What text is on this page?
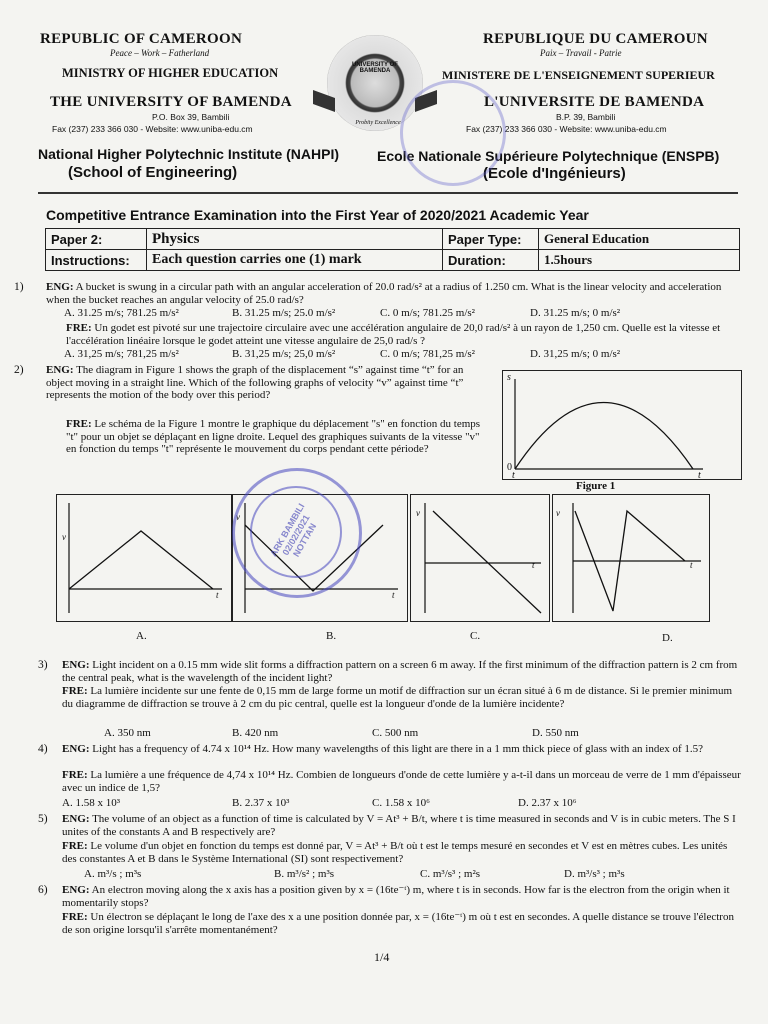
REPUBLIC OF CAMEROON
Peace – Work – Fatherland
MINISTRY OF HIGHER EDUCATION
THE UNIVERSITY OF BAMENDA
P.O. Box 39, Bambili
Fax (237) 233 366 030 - Website: www.uniba-edu.cm
National Higher Polytechnic Institute (NAHPI)
(School of Engineering)
REPUBLIQUE DU CAMEROUN
Paix – Travail - Patrie
MINISTERE DE L'ENSEIGNEMENT SUPERIEUR
L'UNIVERSITE DE BAMENDA
B.P. 39, Bambili
Fax (237) 233 366 030 - Website: www.uniba-edu.cm
Ecole Nationale Supérieure Polytechnique (ENSPB)
(Ecole d'Ingénieurs)
UNIVERSITY OF BAMENDA
Probity Excellence
Competitive Entrance Examination into the First Year of 2020/2021 Academic Year
Paper 2:	Physics	Paper Type:	General Education
Instructions:	Each question carries one (1) mark	Duration:	1.5hours
1) ENG: A bucket is swung in a circular path with an angular acceleration of 20.0 rad/s² at a radius of 1.250 cm. What is the linear velocity and acceleration when the bucket reaches an angular velocity of 25.0 rad/s?
A. 31.25 m/s; 781.25 m/s²	B. 31.25 m/s; 25.0 m/s²	C. 0 m/s; 781.25 m/s²	D. 31.25 m/s; 0 m/s²
FRE: Un godet est pivoté sur une trajectoire circulaire avec une accélération angulaire de 20,0 rad/s² à un rayon de 1,250 cm. Quelle est la vitesse et l'accélération linéaire lorsque le godet atteint une vitesse angulaire de 25,0 rad/s ?
A. 31,25 m/s; 781,25 m/s²	B. 31,25 m/s; 25,0 m/s²	C. 0 m/s; 781,25 m/s²	D. 31,25 m/s; 0 m/s²
2) ENG: The diagram in Figure 1 shows the graph of the displacement “s” against time “t” for an object moving in a straight line. Which of the following graphs of velocity “v” against time “t” represents the motion of the body over this period?
FRE: Le schéma de la Figure 1 montre le graphique du déplacement "s" en fonction du temps "t" pour un objet se déplaçant en ligne droite. Lequel des graphiques suivants de la vitesse "v" en fonction du temps "t" représente le mouvement du corps pendant cette période?
s
0
t	t
Figure 1
v
t
v
t
v
t
v
t
A.	B.	C.	D.
ARK BAMBILI 02/02/2021 NOTTAN
3) ENG: Light incident on a 0.15 mm wide slit forms a diffraction pattern on a screen 6 m away. If the first minimum of the diffraction pattern is 2 cm from the central peak, what is the wavelength of the incident light?
FRE: La lumière incidente sur une fente de 0,15 mm de large forme un motif de diffraction sur un écran situé à 6 m de distance. Si le premier minimum du diagramme de diffraction se trouve à 2 cm du pic central, quelle est la longueur d'onde de la lumière incidente?
A. 350 nm	B. 420 nm	C. 500 nm	D. 550 nm
4) ENG: Light has a frequency of 4.74 x 10¹⁴ Hz. How many wavelengths of this light are there in a 1 mm thick piece of glass with an index of 1.5?
FRE: La lumière a une fréquence de 4,74 x 10¹⁴ Hz. Combien de longueurs d'onde de cette lumière y a-t-il dans un morceau de verre de 1 mm d'épaisseur avec un indice de 1,5?
A. 1.58 x 10³	B. 2.37 x 10³	C. 1.58 x 10⁶	D. 2.37 x 10⁶
5) ENG: The volume of an object as a function of time is calculated by V = At³ + B/t, where t is time measured in seconds and V is in cubic meters. The S I unites of the constants A and B respectively are?
FRE: Le volume d'un objet en fonction du temps est donné par, V = At³ + B/t où t est le temps mesuré en secondes et V est en mètres cubes. Les unités des constantes A et B dans le Système International (SI) sont respectivement?
A. m³/s ; m³s	B. m³/s² ; m³s	C. m³/s³ ; m²s	D. m³/s³ ; m³s
6) ENG: An electron moving along the x axis has a position given by x = (16te⁻ᵗ) m, where t is in seconds. How far is the electron from the origin when it momentarily stops?
FRE: Un électron se déplaçant le long de l'axe des x a une position donnée par, x = (16te⁻ᵗ) m où t est en secondes. A quelle distance se trouve l'électron de son origine lorsqu'il s'arrête momentanément?
1/4
